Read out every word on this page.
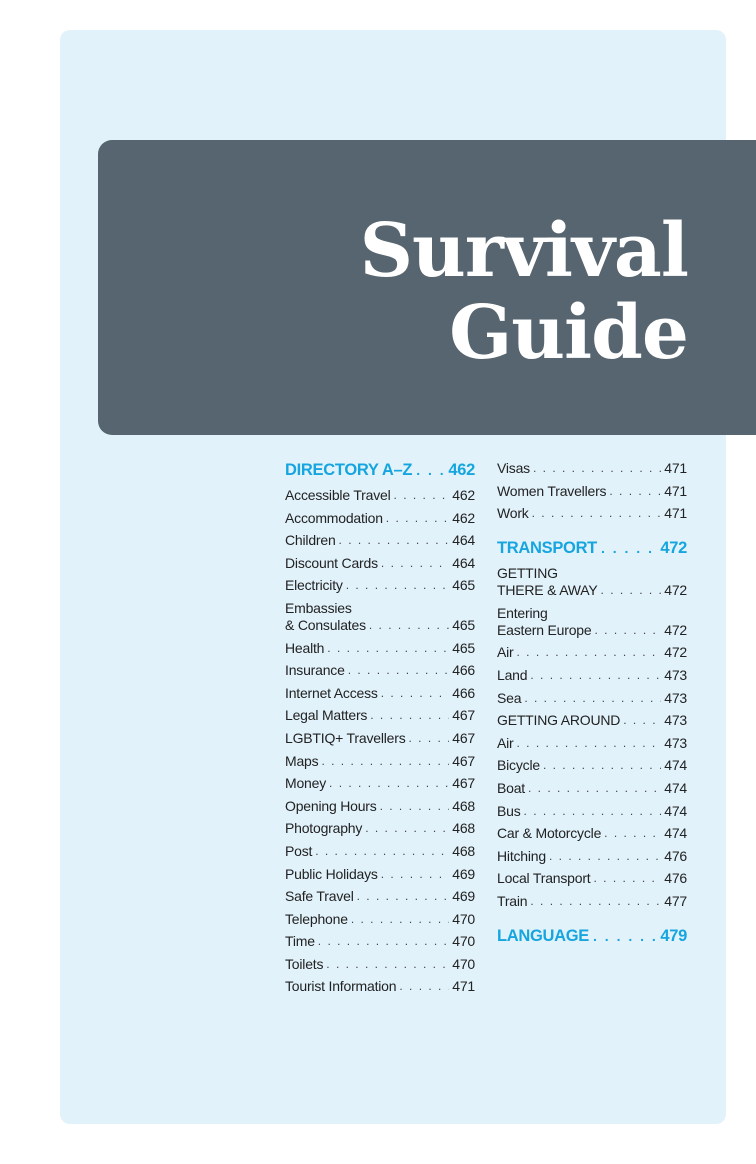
Survival
Guide
DIRECTORY A–Z . . . 462
Accessible Travel . . .	462
Accommodation . . .	462
Children . . .	464
Discount Cards . . .	464
Electricity . . .	465
Embassies
& Consulates . . .	465
Health . . .	465
Insurance . . .	466
Internet Access . . .	466
Legal Matters . . .	467
LGBTIQ+ Travellers . . .	467
Maps . . .	467
Money . . .	467
Opening Hours . . .	468
Photography . . .	468
Post . . .	468
Public Holidays . . .	469
Safe Travel . . .	469
Telephone . . .	470
Time . . .	470
Toilets . . .	470
Tourist Information . . .	471
Visas . . .	471
Women Travellers . . .	471
Work . . .	471
TRANSPORT . . .	472
GETTING
THERE & AWAY . . .	472
Entering
Eastern Europe . . .	472
Air . . .	472
Land . . .	473
Sea . . .	473
GETTING AROUND . . .	473
Air . . .	473
Bicycle . . .	474
Boat . . .	474
Bus . . .	474
Car & Motorcycle . . .	474
Hitching . . .	476
Local Transport . . .	476
Train . . .	477
LANGUAGE . . .	479
